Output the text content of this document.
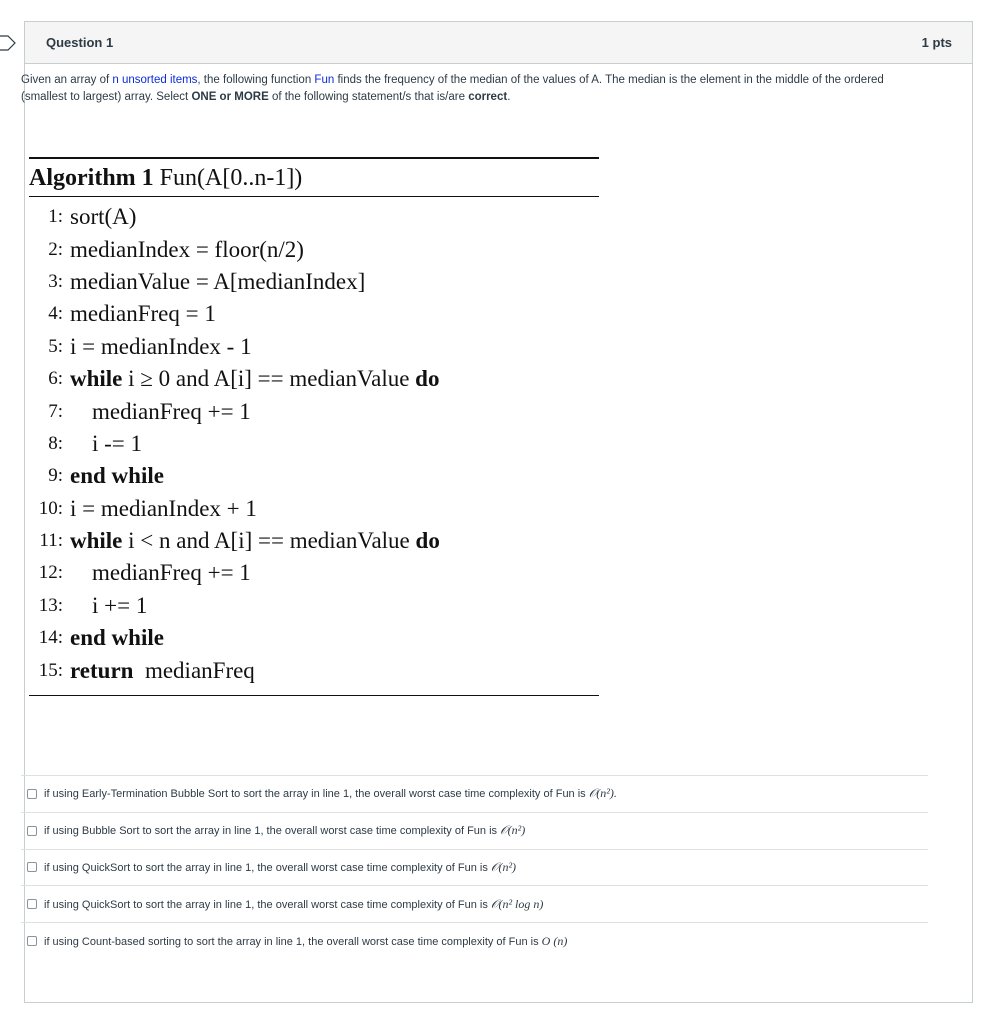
Question 1	1 pts
Given an array of n unsorted items, the following function Fun finds the frequency of the median of the values of A. The median is the element in the middle of the ordered (smallest to largest) array. Select ONE or MORE of the following statement/s that is/are correct.
Algorithm 1 Fun(A[0..n-1])
1: sort(A)
2: medianIndex = floor(n/2)
3: medianValue = A[medianIndex]
4: medianFreq = 1
5: i = medianIndex - 1
6: while i ≥ 0 and A[i] == medianValue do
7:	medianFreq += 1
8:	i -= 1
9: end while
10: i = medianIndex + 1
11: while i < n and A[i] == medianValue do
12:	medianFreq += 1
13:	i += 1
14: end while
15: return medianFreq
if using Early-Termination Bubble Sort to sort the array in line 1, the overall worst case time complexity of Fun is 𝒪(n²).
if using Bubble Sort to sort the array in line 1, the overall worst case time complexity of Fun is 𝒪(n²)
if using QuickSort to sort the array in line 1, the overall worst case time complexity of Fun is 𝒪(n²)
if using QuickSort to sort the array in line 1, the overall worst case time complexity of Fun is 𝒪(n² log n)
if using Count-based sorting to sort the array in line 1, the overall worst case time complexity of Fun is O (n)
